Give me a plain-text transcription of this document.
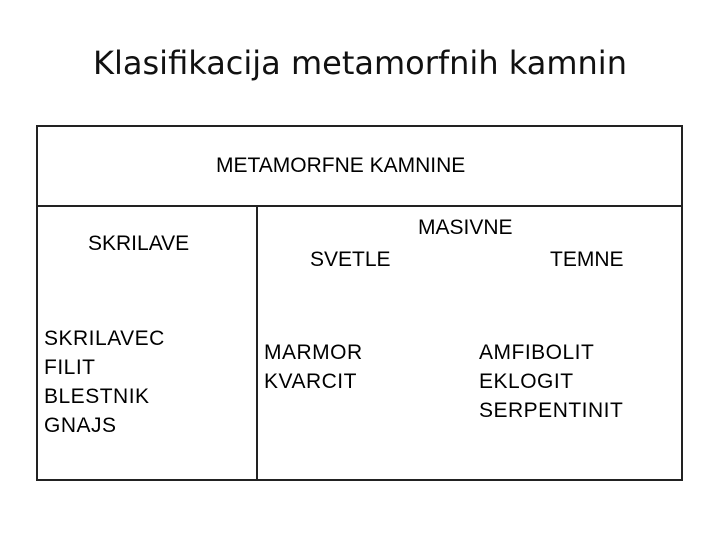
Klasifikacija metamorfnih kamnin
METAMORFNE KAMNINE
SKRILAVE
SKRILAVEC
FILIT
BLESTNIK
GNAJS
MASIVNE
SVETLE
MARMOR
KVARCIT
TEMNE
AMFIBOLIT
EKLOGIT
SERPENTINIT
